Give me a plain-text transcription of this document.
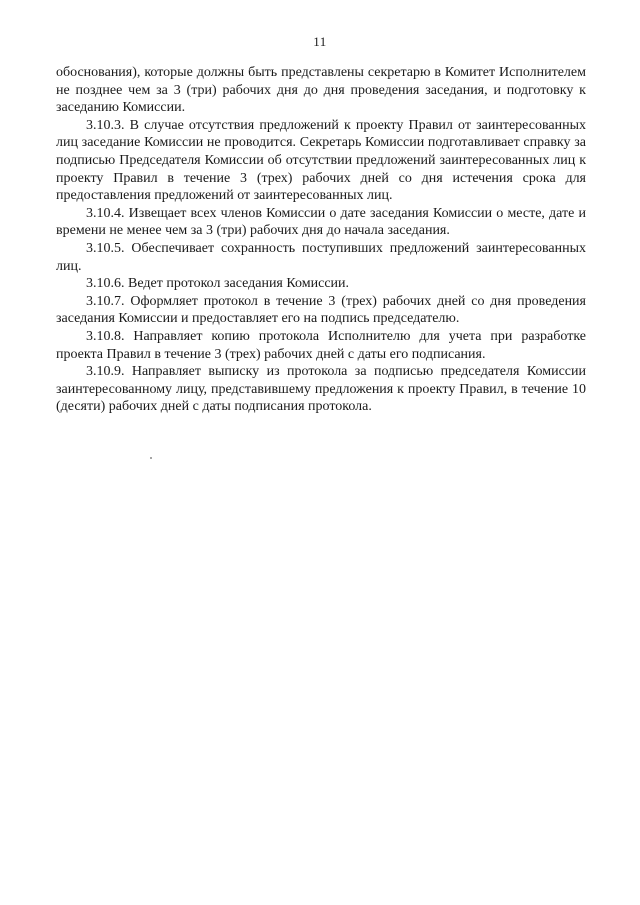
11

обоснования), которые должны быть представлены секретарю в Комитет Исполнителем не позднее чем за 3 (три) рабочих дня до дня проведения заседания, и подготовку к заседанию Комиссии.

3.10.3. В случае отсутствия предложений к проекту Правил от заинтересованных лиц заседание Комиссии не проводится. Секретарь Комиссии подготавливает справку за подписью Председателя Комиссии об отсутствии предложений заинтересованных лиц к проекту Правил в течение 3 (трех) рабочих дней со дня истечения срока для предоставления предложений от заинтересованных лиц.

3.10.4. Извещает всех членов Комиссии о дате заседания Комиссии о месте, дате и времени не менее чем за 3 (три) рабочих дня до начала заседания.

3.10.5. Обеспечивает сохранность поступивших предложений заинтересованных лиц.

3.10.6. Ведет протокол заседания Комиссии.

3.10.7. Оформляет протокол в течение 3 (трех) рабочих дней со дня проведения заседания Комиссии и предоставляет его на подпись председателю.

3.10.8. Направляет копию протокола Исполнителю для учета при разработке проекта Правил в течение 3 (трех) рабочих дней с даты его подписания.

3.10.9. Направляет выписку из протокола за подписью председателя Комиссии заинтересованному лицу, представившему предложения к проекту Правил, в течение 10 (десяти) рабочих дней с даты подписания протокола.
